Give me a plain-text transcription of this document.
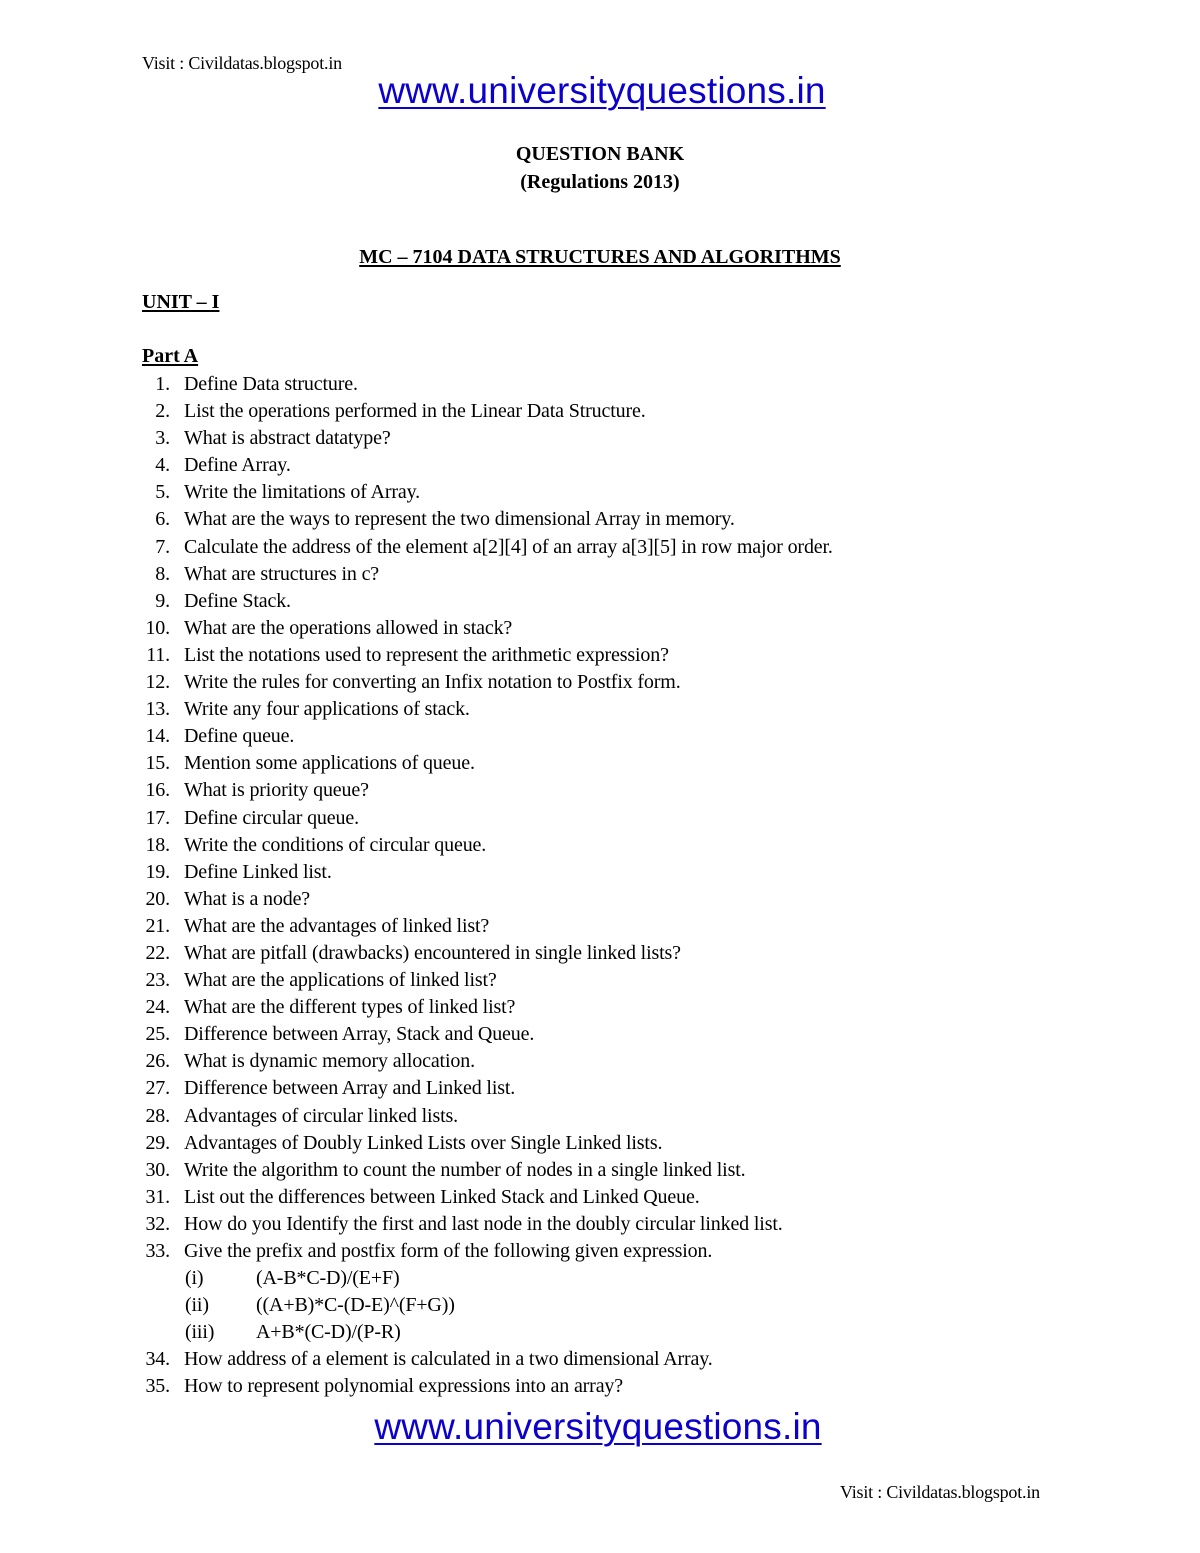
Visit : Civildatas.blogspot.in
www.universityquestions.in
QUESTION BANK
(Regulations 2013)
MC – 7104 DATA STRUCTURES AND ALGORITHMS
UNIT – I
Part A
1. Define Data structure.
2. List the operations performed in the Linear Data Structure.
3. What is abstract datatype?
4. Define Array.
5. Write the limitations of Array.
6. What are the ways to represent the two dimensional Array in memory.
7. Calculate the address of the element a[2][4] of an array a[3][5] in row major order.
8. What are structures in c?
9. Define Stack.
10. What are the operations allowed in stack?
11. List the notations used to represent the arithmetic expression?
12. Write the rules for converting an Infix notation to Postfix form.
13. Write any four applications of stack.
14. Define queue.
15. Mention some applications of queue.
16. What is priority queue?
17. Define circular queue.
18. Write the conditions of circular queue.
19. Define Linked list.
20. What is a node?
21. What are the advantages of linked list?
22. What are pitfall (drawbacks) encountered in single linked lists?
23. What are the applications of linked list?
24. What are the different types of linked list?
25. Difference between Array, Stack and Queue.
26. What is dynamic memory allocation.
27. Difference between Array and Linked list.
28. Advantages of circular linked lists.
29. Advantages of Doubly Linked Lists over Single Linked lists.
30. Write the algorithm to count the number of nodes in a single linked list.
31. List out the differences between Linked Stack and Linked Queue.
32. How do you Identify the first and last node in the doubly circular linked list.
33. Give the prefix and postfix form of the following given expression.
(i)	(A-B*C-D)/(E+F)
(ii) ((A+B)*C-(D-E)^(F+G))
(iii) A+B*(C-D)/(P-R)
34. How address of a element is calculated in a two dimensional Array.
35. How to represent polynomial expressions into an array?
www.universityquestions.in
Visit : Civildatas.blogspot.in
